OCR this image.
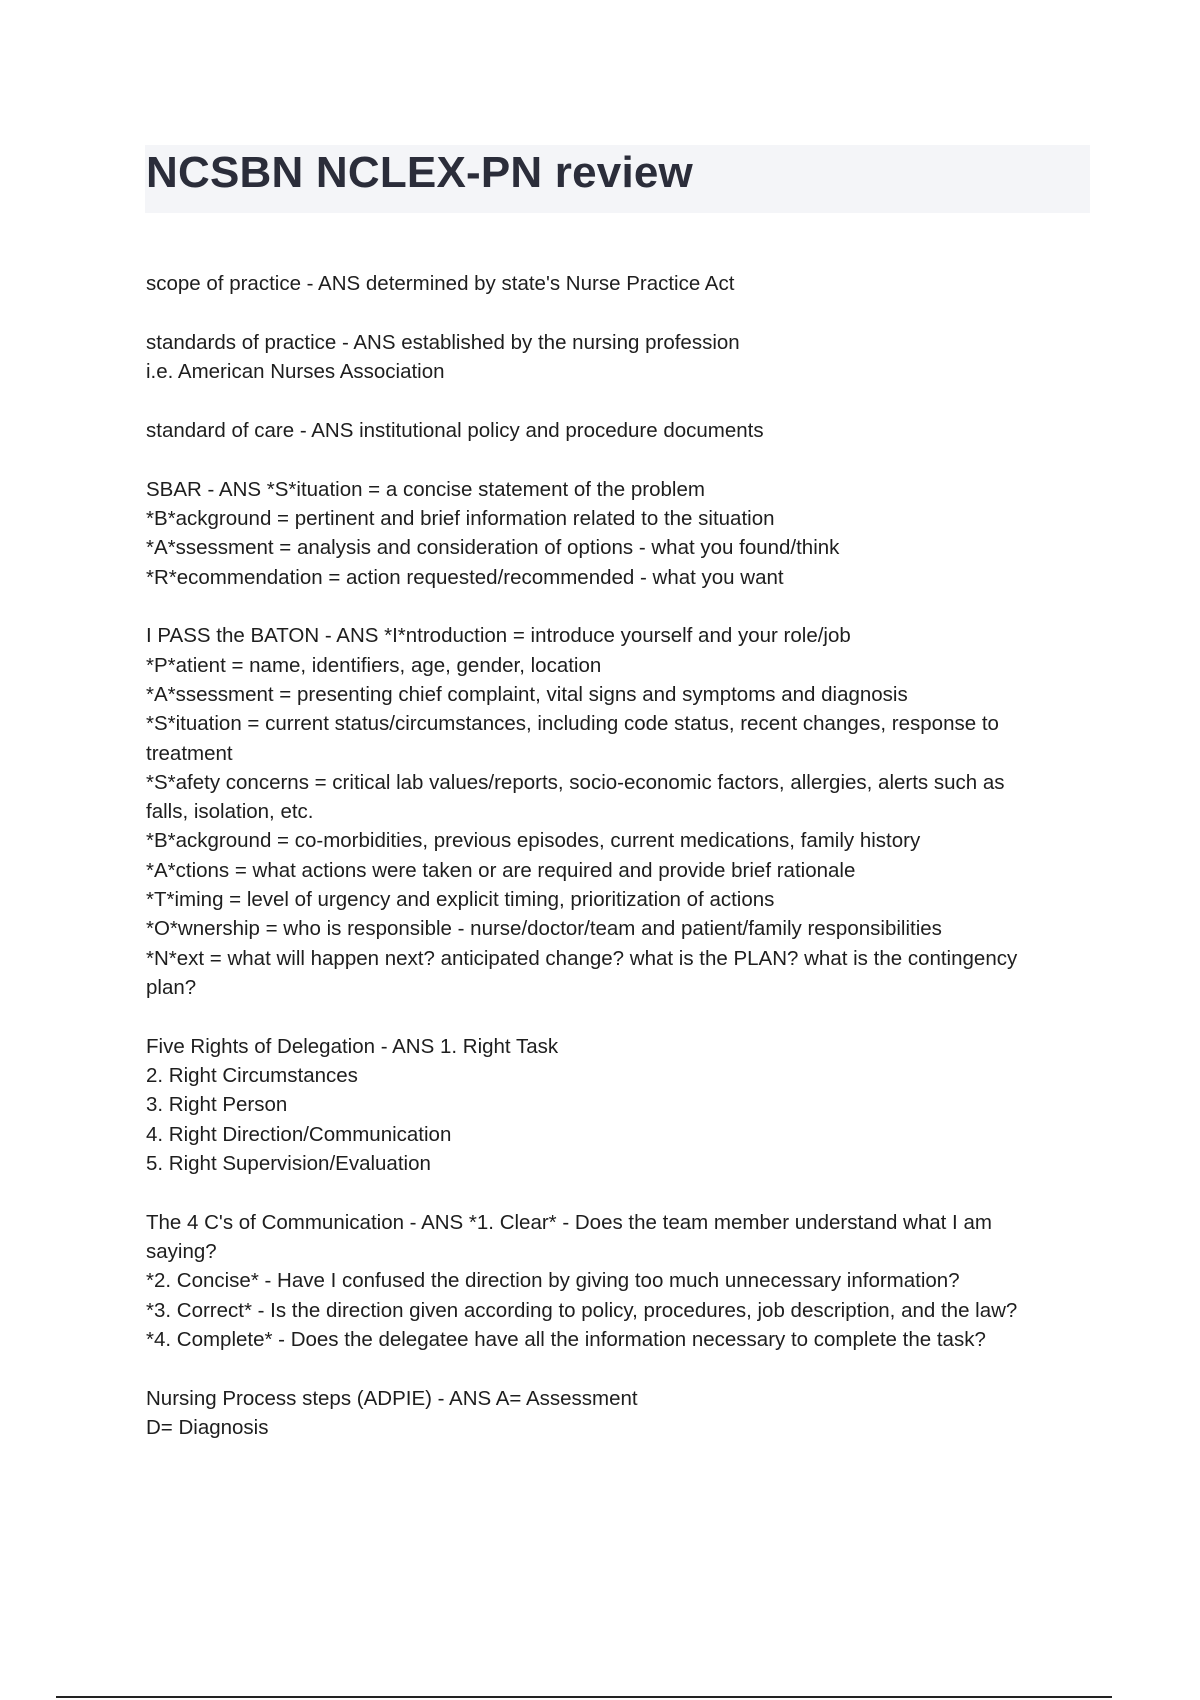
NCSBN NCLEX-PN review
scope of practice - ANS determined by state's Nurse Practice Act
standards of practice - ANS established by the nursing profession
i.e. American Nurses Association
standard of care - ANS institutional policy and procedure documents
SBAR - ANS *S*ituation = a concise statement of the problem
*B*ackground = pertinent and brief information related to the situation
*A*ssessment = analysis and consideration of options - what you found/think
*R*ecommendation = action requested/recommended - what you want
I PASS the BATON - ANS *I*ntroduction = introduce yourself and your role/job
*P*atient = name, identifiers, age, gender, location
*A*ssessment = presenting chief complaint, vital signs and symptoms and diagnosis
*S*ituation = current status/circumstances, including code status, recent changes, response to
treatment
*S*afety concerns = critical lab values/reports, socio-economic factors, allergies, alerts such as
falls, isolation, etc.
*B*ackground = co-morbidities, previous episodes, current medications, family history
*A*ctions = what actions were taken or are required and provide brief rationale
*T*iming = level of urgency and explicit timing, prioritization of actions
*O*wnership = who is responsible - nurse/doctor/team and patient/family responsibilities
*N*ext = what will happen next? anticipated change? what is the PLAN? what is the contingency
plan?
Five Rights of Delegation - ANS 1. Right Task
2. Right Circumstances
3. Right Person
4. Right Direction/Communication
5. Right Supervision/Evaluation
The 4 C's of Communication - ANS *1. Clear* - Does the team member understand what I am
saying?
*2. Concise* - Have I confused the direction by giving too much unnecessary information?
*3. Correct* - Is the direction given according to policy, procedures, job description, and the law?
*4. Complete* - Does the delegatee have all the information necessary to complete the task?
Nursing Process steps (ADPIE) - ANS A= Assessment
D= Diagnosis
